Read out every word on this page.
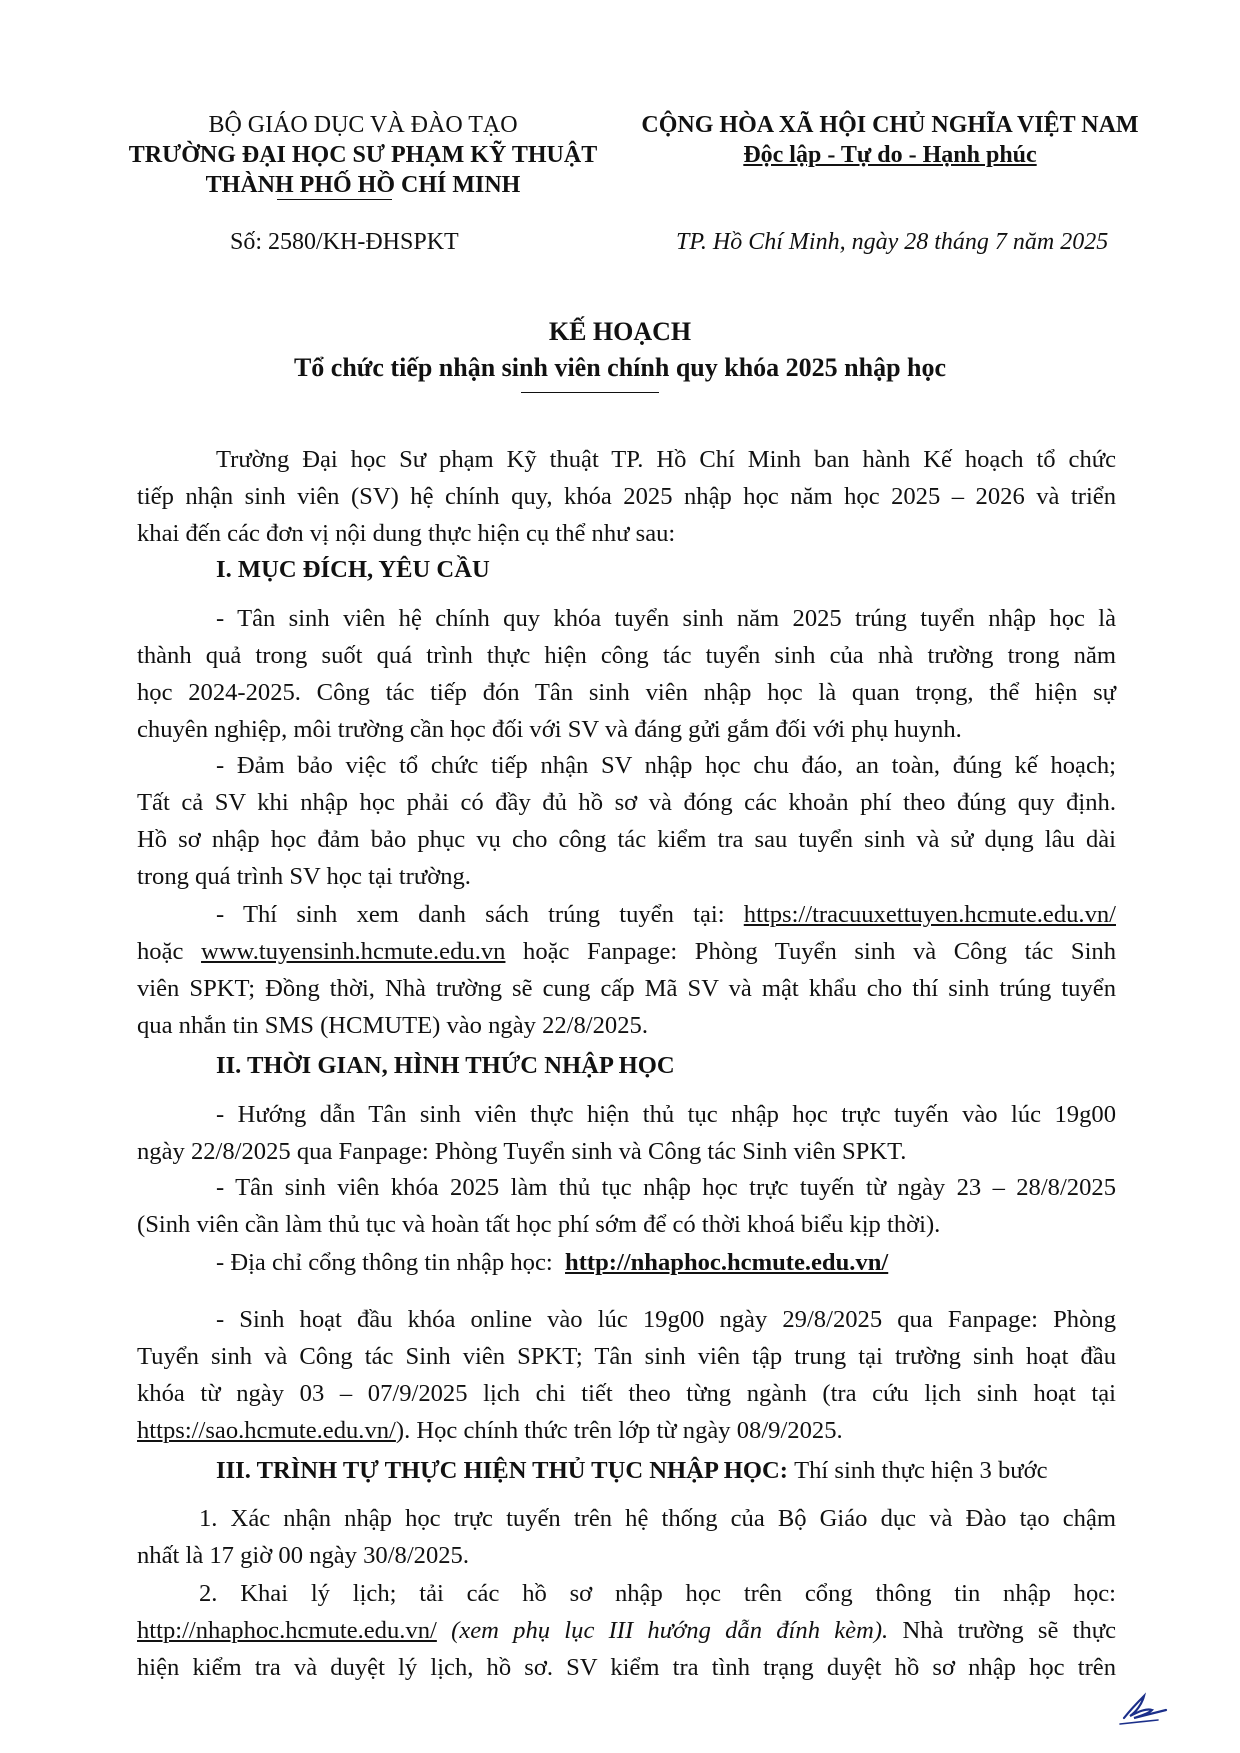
BỘ GIÁO DỤC VÀ ĐÀO TẠO
TRƯỜNG ĐẠI HỌC SƯ PHẠM KỸ THUẬT
THÀNH PHỐ HỒ CHÍ MINH
CỘNG HÒA XÃ HỘI CHỦ NGHĨA VIỆT NAM
Độc lập - Tự do - Hạnh phúc
Số: 2580/KH-ĐHSPKT	TP. Hồ Chí Minh, ngày 28 tháng 7 năm 2025
KẾ HOẠCH
Tổ chức tiếp nhận sinh viên chính quy khóa 2025 nhập học
Trường Đại học Sư phạm Kỹ thuật TP. Hồ Chí Minh ban hành Kế hoạch tổ chức
tiếp nhận sinh viên (SV) hệ chính quy, khóa 2025 nhập học năm học 2025 – 2026 và triển
khai đến các đơn vị nội dung thực hiện cụ thể như sau:
I. MỤC ĐÍCH, YÊU CẦU
- Tân sinh viên hệ chính quy khóa tuyển sinh năm 2025 trúng tuyển nhập học là
thành quả trong suốt quá trình thực hiện công tác tuyển sinh của nhà trường trong năm
học 2024-2025. Công tác tiếp đón Tân sinh viên nhập học là quan trọng, thể hiện sự
chuyên nghiệp, môi trường cần học đối với SV và đáng gửi gắm đối với phụ huynh.
- Đảm bảo việc tổ chức tiếp nhận SV nhập học chu đáo, an toàn, đúng kế hoạch;
Tất cả SV khi nhập học phải có đầy đủ hồ sơ và đóng các khoản phí theo đúng quy định.
Hồ sơ nhập học đảm bảo phục vụ cho công tác kiểm tra sau tuyển sinh và sử dụng lâu dài
trong quá trình SV học tại trường.
- Thí sinh xem danh sách trúng tuyển tại: https://tracuuxettuyen.hcmute.edu.vn/
hoặc www.tuyensinh.hcmute.edu.vn hoặc Fanpage: Phòng Tuyển sinh và Công tác Sinh
viên SPKT; Đồng thời, Nhà trường sẽ cung cấp Mã SV và mật khẩu cho thí sinh trúng tuyển
qua nhắn tin SMS (HCMUTE) vào ngày 22/8/2025.
II. THỜI GIAN, HÌNH THỨC NHẬP HỌC
- Hướng dẫn Tân sinh viên thực hiện thủ tục nhập học trực tuyến vào lúc 19g00
ngày 22/8/2025 qua Fanpage: Phòng Tuyển sinh và Công tác Sinh viên SPKT.
- Tân sinh viên khóa 2025 làm thủ tục nhập học trực tuyến từ ngày 23 – 28/8/2025
(Sinh viên cần làm thủ tục và hoàn tất học phí sớm để có thời khoá biểu kịp thời).
- Địa chỉ cổng thông tin nhập học: http://nhaphoc.hcmute.edu.vn/
- Sinh hoạt đầu khóa online vào lúc 19g00 ngày 29/8/2025 qua Fanpage: Phòng
Tuyển sinh và Công tác Sinh viên SPKT; Tân sinh viên tập trung tại trường sinh hoạt đầu
khóa từ ngày 03 – 07/9/2025 lịch chi tiết theo từng ngành (tra cứu lịch sinh hoạt tại
https://sao.hcmute.edu.vn/). Học chính thức trên lớp từ ngày 08/9/2025.
III. TRÌNH TỰ THỰC HIỆN THỦ TỤC NHẬP HỌC: Thí sinh thực hiện 3 bước
1. Xác nhận nhập học trực tuyến trên hệ thống của Bộ Giáo dục và Đào tạo chậm
nhất là 17 giờ 00 ngày 30/8/2025.
2. Khai lý lịch; tải các hồ sơ nhập học trên cổng thông tin nhập học:
http://nhaphoc.hcmute.edu.vn/ (xem phụ lục III hướng dẫn đính kèm). Nhà trường sẽ thực
hiện kiểm tra và duyệt lý lịch, hồ sơ. SV kiểm tra tình trạng duyệt hồ sơ nhập học trên
